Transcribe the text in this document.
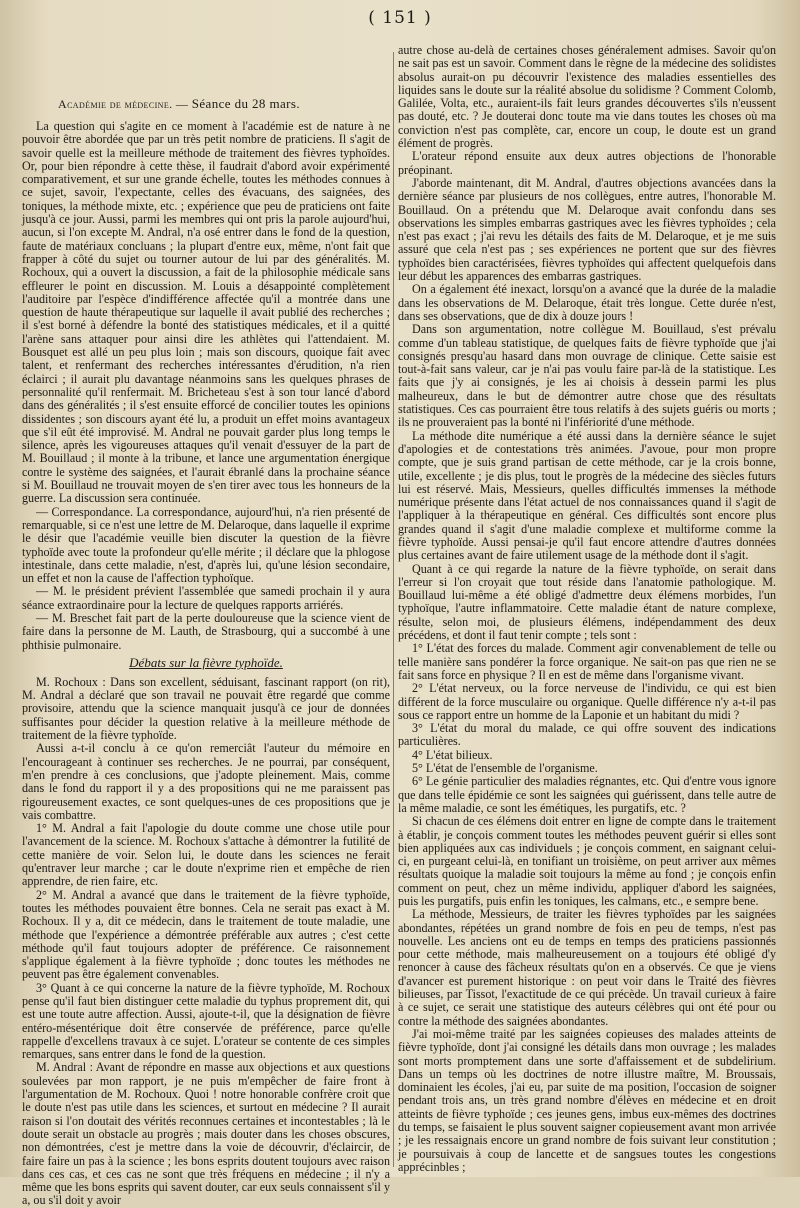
( 151 )
Académie de médecine. — Séance du 28 mars.

La question qui s'agite en ce moment à l'académie est de nature à ne pouvoir être abordée que par un très petit nombre de praticiens. Il s'agit de savoir quelle est la meilleure méthode de traitement des fièvres typhoïdes. Or, pour bien répondre à cette thèse, il faudrait d'abord avoir expérimenté comparativement, et sur une grande échelle, toutes les méthodes connues à ce sujet, savoir, l'expectante, celles des évacuans, des saignées, des toniques, la méthode mixte, etc. ; expérience que peu de praticiens ont faite jusqu'à ce jour. Aussi, parmi les membres qui ont pris la parole aujourd'hui, aucun, si l'on excepte M. Andral, n'a osé entrer dans le fond de la question, faute de matériaux concluans ; la plupart d'entre eux, même, n'ont fait que frapper à côté du sujet ou tourner autour de lui par des généralités. M. Rochoux, qui a ouvert la discussion, a fait de la philosophie médicale sans effleurer le point en discussion. M. Louis a désappointé complètement l'auditoire par l'espèce d'indifférence affectée qu'il a montrée dans une question de haute thérapeutique sur laquelle il avait publié des recherches ; il s'est borné à défendre la bonté des statistiques médicales, et il a quitté l'arène sans attaquer pour ainsi dire les athlètes qui l'attendaient. M. Bousquet est allé un peu plus loin ; mais son discours, quoique fait avec talent, et renfermant des recherches intéressantes d'érudition, n'a rien éclairci ; il aurait plu davantage néanmoins sans les quelques phrases de personnalité qu'il renfermait. M. Bricheteau s'est à son tour lancé d'abord dans des généralités ; il s'est ensuite efforcé de concilier toutes les opinions dissidentes ; son discours ayant été lu, a produit un effet moins avantageux que s'il eût été improvisé. M. Andral ne pouvait garder plus long temps le silence, après les vigoureuses attaques qu'il venait d'essuyer de la part de M. Bouillaud ; il monte à la tribune, et lance une argumentation énergique contre le système des saignées, et l'aurait ébranlé dans la prochaine séance si M. Bouillaud ne trouvait moyen de s'en tirer avec tous les honneurs de la guerre. La discussion sera continuée.

— Correspondance. La correspondance, aujourd'hui, n'a rien présenté de remarquable, si ce n'est une lettre de M. Delaroque, dans laquelle il exprime le désir que l'académie veuille bien discuter la question de la fièvre typhoïde avec toute la profondeur qu'elle mérite ; il déclare que la phlogose intestinale, dans cette maladie, n'est, d'après lui, qu'une lésion secondaire, un effet et non la cause de l'affection typhoïque.

— M. le président prévient l'assemblée que samedi prochain il y aura séance extraordinaire pour la lecture de quelques rapports arriérés.

— M. Breschet fait part de la perte douloureuse que la science vient de faire dans la personne de M. Lauth, de Strasbourg, qui a succombé à une phthisie pulmonaire.

Débats sur la fièvre typhoïde.

M. Rochoux : Dans son excellent, séduisant, fascinant rapport (on rit), M. Andral a déclaré que son travail ne pouvait être regardé que comme provisoire, attendu que la science manquait jusqu'à ce jour de données suffisantes pour décider la question relative à la meilleure méthode de traitement de la fièvre typhoïde.

Aussi a-t-il conclu à ce qu'on remerciât l'auteur du mémoire en l'encourageant à continuer ses recherches. Je ne pourrai, par conséquent, m'en prendre à ces conclusions, que j'adopte pleinement. Mais, comme dans le fond du rapport il y a des propositions qui ne me paraissent pas rigoureusement exactes, ce sont quelques-unes de ces propositions que je vais combattre.

1° M. Andral a fait l'apologie du doute comme une chose utile pour l'avancement de la science. M. Rochoux s'attache à démontrer la futilité de cette manière de voir. Selon lui, le doute dans les sciences ne ferait qu'entraver leur marche ; car le doute n'exprime rien et empêche de rien apprendre, de rien faire, etc.

2° M. Andral a avancé que dans le traitement de la fièvre typhoïde, toutes les méthodes pouvaient être bonnes. Cela ne serait pas exact à M. Rochoux. Il y a, dit ce médecin, dans le traitement de toute maladie, une méthode que l'expérience a démontrée préférable aux autres ; c'est cette méthode qu'il faut toujours adopter de préférence. Ce raisonnement s'applique également à la fièvre typhoïde ; donc toutes les méthodes ne peuvent pas être également convenables.

3° Quant à ce qui concerne la nature de la fièvre typhoïde, M. Rochoux pense qu'il faut bien distinguer cette maladie du typhus proprement dit, qui est une toute autre affection. Aussi, ajoute-t-il, que la désignation de fièvre entéro-mésentérique doit être conservée de préférence, parce qu'elle rappelle d'excellens travaux à ce sujet. L'orateur se contente de ces simples remarques, sans entrer dans le fond de la question.

M. Andral : Avant de répondre en masse aux objections et aux questions soulevées par mon rapport, je ne puis m'empêcher de faire front à l'argumentation de M. Rochoux. Quoi ! notre honorable confrère croit que le doute n'est pas utile dans les sciences, et surtout en médecine ? Il aurait raison si l'on doutait des vérités reconnues certaines et incontestables ; là le doute serait un obstacle au progrès ; mais douter dans les choses obscures, non démontrées, c'est je mettre dans la voie de découvrir, d'éclaircir, de faire faire un pas à la science ; les bons esprits doutent toujours avec raison dans ces cas, et ces cas ne sont que très fréquens en médecine ; il n'y a même que les bons esprits qui savent douter, car eux seuls connaissent s'il y a, ou s'il doit y avoir

autre chose au-delà de certaines choses généralement admises. Savoir qu'on ne sait pas est un savoir. Comment dans le règne de la médecine des solidistes absolus aurait-on pu découvrir l'existence des maladies essentielles des liquides sans le doute sur la réalité absolue du solidisme ? Comment Colomb, Galilée, Volta, etc., auraient-ils fait leurs grandes découvertes s'ils n'eussent pas douté, etc. ? Je douterai donc toute ma vie dans toutes les choses où ma conviction n'est pas complète, car, encore un coup, le doute est un grand élément de progrès.

L'orateur répond ensuite aux deux autres objections de l'honorable préopinant.

J'aborde maintenant, dit M. Andral, d'autres objections avancées dans la dernière séance par plusieurs de nos collègues, entre autres, l'honorable M. Bouillaud. On a prétendu que M. Delaroque avait confondu dans ses observations les simples embarras gastriques avec les fièvres typhoïdes ; cela n'est pas exact ; j'ai revu les détails des faits de M. Delaroque, et je me suis assuré que cela n'est pas ; ses expériences ne portent que sur des fièvres typhoïdes bien caractérisées, fièvres typhoïdes qui affectent quelquefois dans leur début les apparences des embarras gastriques.

On a également été inexact, lorsqu'on a avancé que la durée de la maladie dans les observations de M. Delaroque, était très longue. Cette durée n'est, dans ses observations, que de dix à douze jours !

Dans son argumentation, notre collègue M. Bouillaud, s'est prévalu comme d'un tableau statistique, de quelques faits de fièvre typhoïde que j'ai consignés presqu'au hasard dans mon ouvrage de clinique. Cette saisie est tout-à-fait sans valeur, car je n'ai pas voulu faire par-là de la statistique. Les faits que j'y ai consignés, je les ai choisis à dessein parmi les plus malheureux, dans le but de démontrer autre chose que des résultats statistiques. Ces cas pourraient être tous relatifs à des sujets guéris ou morts ; ils ne prouveraient pas la bonté ni l'infériorité d'une méthode.

La méthode dite numérique a été aussi dans la dernière séance le sujet d'apologies et de contestations très animées. J'avoue, pour mon propre compte, que je suis grand partisan de cette méthode, car je la crois bonne, utile, excellente ; je dis plus, tout le progrès de la médecine des siècles futurs lui est réservé. Mais, Messieurs, quelles difficultés immenses la méthode numérique présente dans l'état actuel de nos connaissances quand il s'agit de l'appliquer à la thérapeutique en général. Ces difficultés sont encore plus grandes quand il s'agit d'une maladie complexe et multiforme comme la fièvre typhoïde. Aussi pensai-je qu'il faut encore attendre d'autres données plus certaines avant de faire utilement usage de la méthode dont il s'agit.

Quant à ce qui regarde la nature de la fièvre typhoïde, on serait dans l'erreur si l'on croyait que tout réside dans l'anatomie pathologique. M. Bouillaud lui-même a été obligé d'admettre deux élémens morbides, l'un typhoïque, l'autre inflammatoire. Cette maladie étant de nature complexe, résulte, selon moi, de plusieurs élémens, indépendamment des deux précédens, et dont il faut tenir compte ; tels sont :

1° L'état des forces du malade. Comment agir convenablement de telle ou telle manière sans pondérer la force organique. Ne sait-on pas que rien ne se fait sans force en physique ? Il en est de même dans l'organisme vivant.

2° L'état nerveux, ou la force nerveuse de l'individu, ce qui est bien différent de la force musculaire ou organique. Quelle différence n'y a-t-il pas sous ce rapport entre un homme de la Laponie et un habitant du midi ?

3° L'état du moral du malade, ce qui offre souvent des indications particulières.

4° L'état bilieux.

5° L'état de l'ensemble de l'organisme.

6° Le génie particulier des maladies régnantes, etc. Qui d'entre vous ignore que dans telle épidémie ce sont les saignées qui guérissent, dans telle autre de la même maladie, ce sont les émétiques, les purgatifs, etc. ?

Si chacun de ces élémens doit entrer en ligne de compte dans le traitement à établir, je conçois comment toutes les méthodes peuvent guérir si elles sont bien appliquées aux cas individuels ; je conçois comment, en saignant celui-ci, en purgeant celui-là, en tonifiant un troisième, on peut arriver aux mêmes résultats quoique la maladie soit toujours la même au fond ; je conçois enfin comment on peut, chez un même individu, appliquer d'abord les saignées, puis les purgatifs, puis enfin les toniques, les calmans, etc., e sempre bene.

La méthode, Messieurs, de traiter les fièvres typhoïdes par les saignées abondantes, répétées un grand nombre de fois en peu de temps, n'est pas nouvelle. Les anciens ont eu de temps en temps des praticiens passionnés pour cette méthode, mais malheureusement on a toujours été obligé d'y renoncer à cause des fâcheux résultats qu'on en a observés. Ce que je viens d'avancer est purement historique : on peut voir dans le Traité des fièvres bilieuses, par Tissot, l'exactitude de ce qui précède. Un travail curieux à faire à ce sujet, ce serait une statistique des auteurs célèbres qui ont été pour ou contre la méthode des saignées abondantes.

J'ai moi-même traité par les saignées copieuses des malades atteints de fièvre typhoïde, dont j'ai consigné les détails dans mon ouvrage ; les malades sont morts promptement dans une sorte d'affaissement et de subdelirium. Dans un temps où les doctrines de notre illustre maître, M. Broussais, dominaient les écoles, j'ai eu, par suite de ma position, l'occasion de soigner pendant trois ans, un très grand nombre d'élèves en médecine et en droit atteints de fièvre typhoïde ; ces jeunes gens, imbus eux-mêmes des doctrines du temps, se faisaient le plus souvent saigner copieusement avant mon arrivée ; je les ressaignais encore un grand nombre de fois suivant leur constitution ; je poursuivais à coup de lancette et de sangsues toutes les congestions apprécinbles ;
